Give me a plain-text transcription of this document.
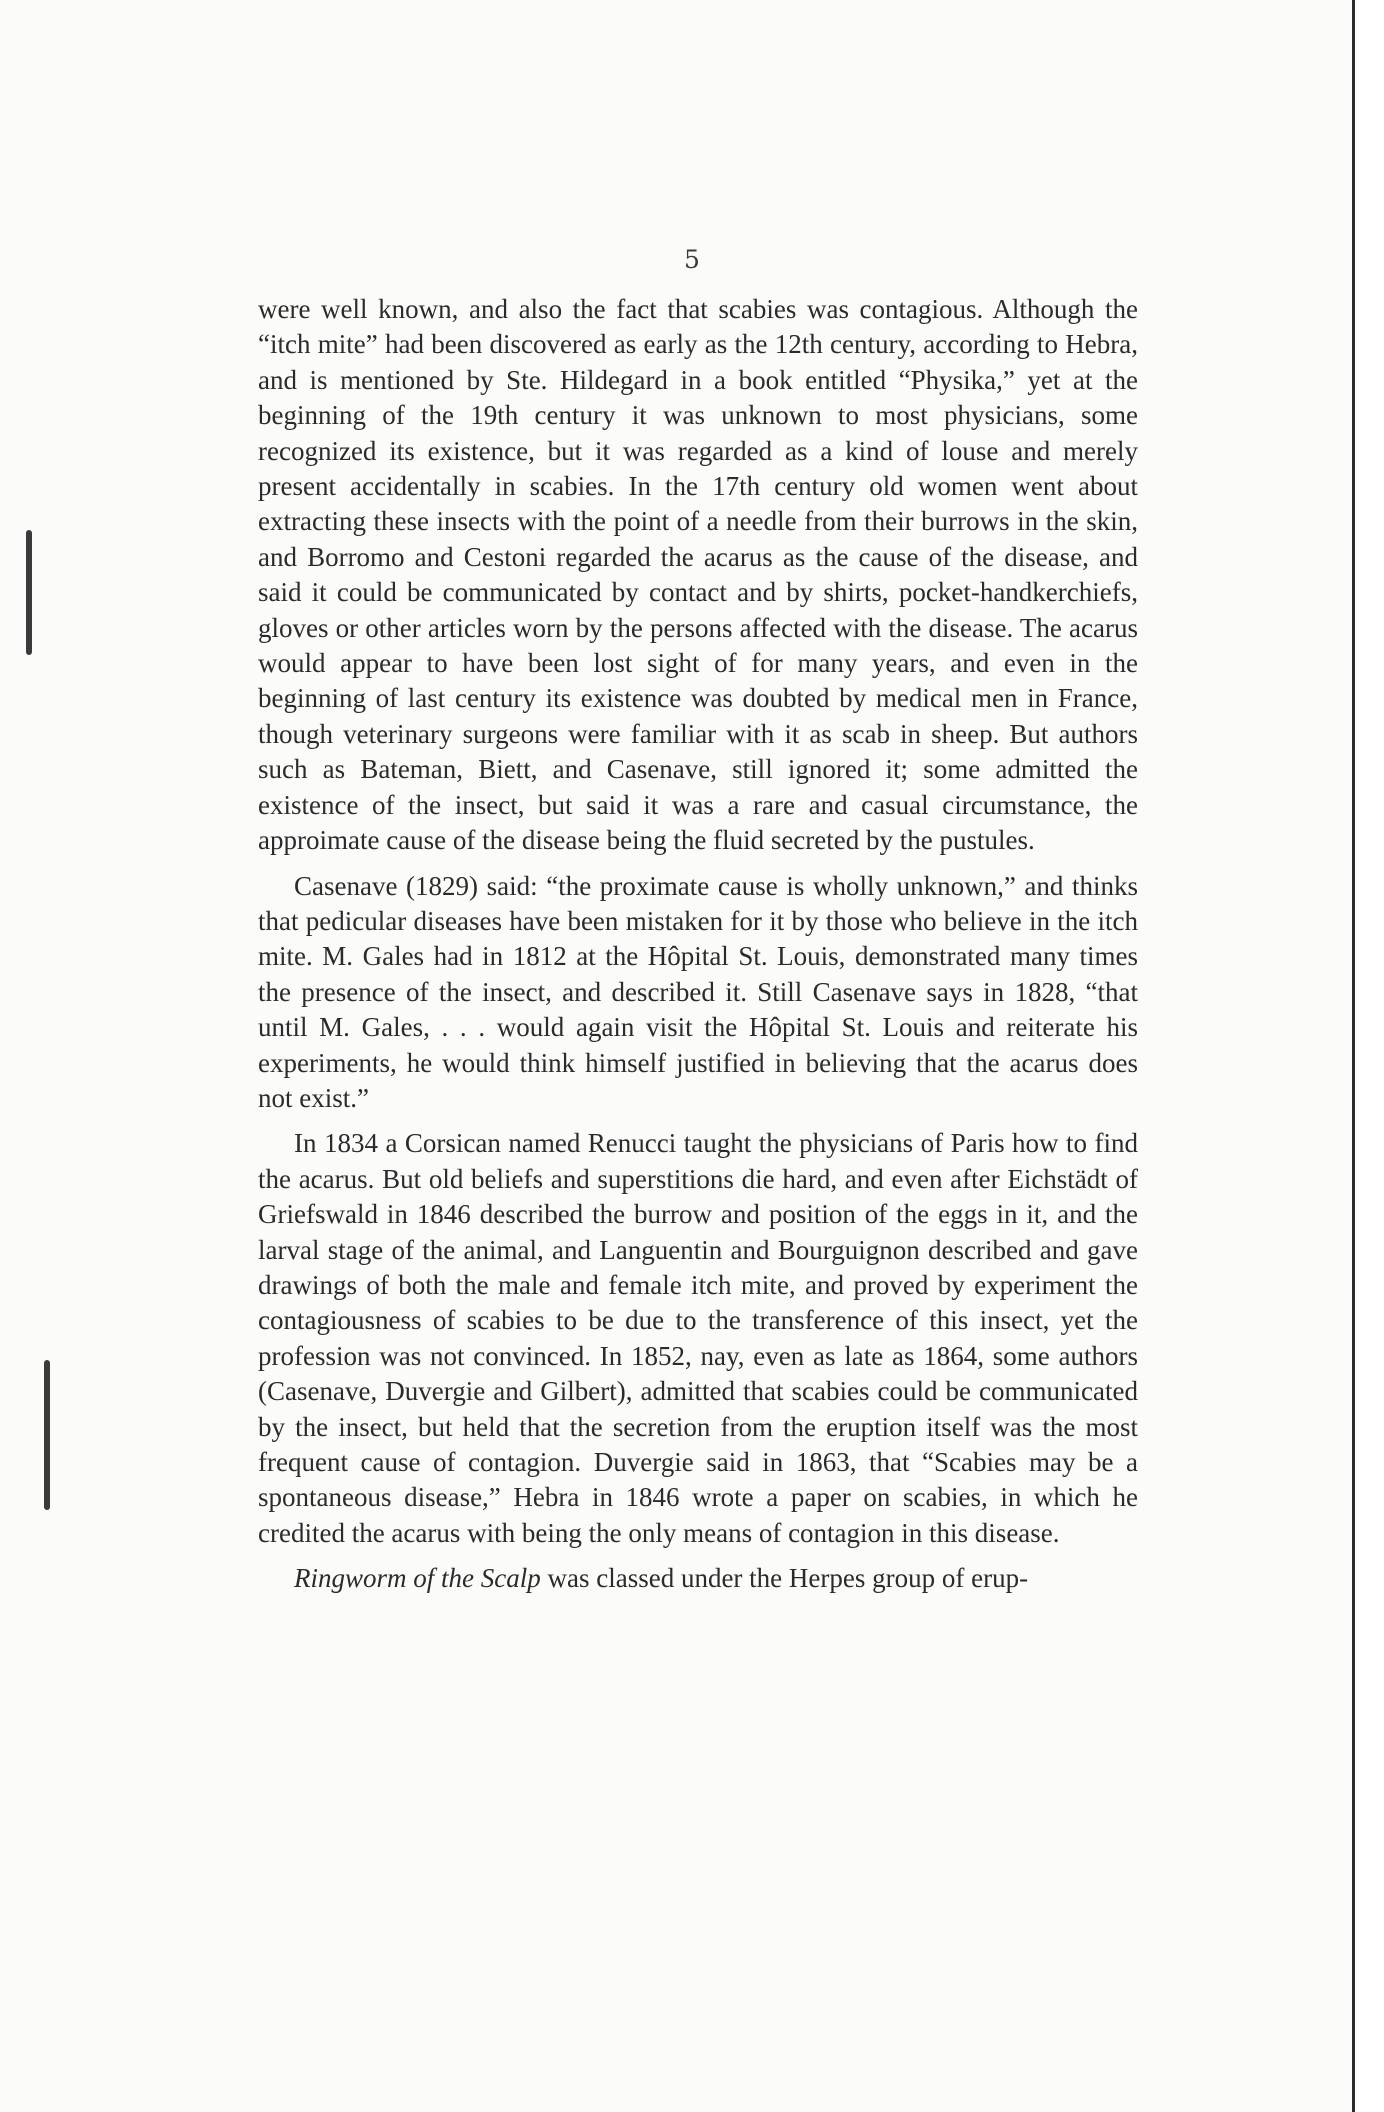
5

were well known, and also the fact that scabies was contagious. Although the “itch mite” had been discovered as early as the 12th century, according to Hebra, and is mentioned by Ste. Hildegard in a book entitled “Physika,” yet at the beginning of the 19th century it was unknown to most physicians, some recognized its existence, but it was regarded as a kind of louse and merely present accidentally in scabies. In the 17th century old women went about extracting these insects with the point of a needle from their burrows in the skin, and Borromo and Cestoni regarded the acarus as the cause of the disease, and said it could be communicated by contact and by shirts, pocket-handkerchiefs, gloves or other articles worn by the persons affected with the disease. The acarus would appear to have been lost sight of for many years, and even in the beginning of last century its existence was doubted by medical men in France, though veterinary surgeons were familiar with it as scab in sheep. But authors such as Bateman, Biett, and Casenave, still ignored it; some admitted the existence of the insect, but said it was a rare and casual circumstance, the approimate cause of the disease being the fluid secreted by the pustules.

Casenave (1829) said: “the proximate cause is wholly unknown,” and thinks that pedicular diseases have been mistaken for it by those who believe in the itch mite. M. Gales had in 1812 at the Hôpital St. Louis, demonstrated many times the presence of the insect, and described it. Still Casenave says in 1828, “that until M. Gales, . . . would again visit the Hôpital St. Louis and reiterate his experiments, he would think himself justified in believing that the acarus does not exist.”

In 1834 a Corsican named Renucci taught the physicians of Paris how to find the acarus. But old beliefs and superstitions die hard, and even after Eichstädt of Griefswald in 1846 described the burrow and position of the eggs in it, and the larval stage of the animal, and Languentin and Bourguignon described and gave drawings of both the male and female itch mite, and proved by experiment the contagiousness of scabies to be due to the transference of this insect, yet the profession was not convinced. In 1852, nay, even as late as 1864, some authors (Casenave, Duvergie and Gilbert), admitted that scabies could be communicated by the insect, but held that the secretion from the eruption itself was the most frequent cause of contagion. Duvergie said in 1863, that “Scabies may be a spontaneous disease,” Hebra in 1846 wrote a paper on scabies, in which he credited the acarus with being the only means of contagion in this disease.

Ringworm of the Scalp was classed under the Herpes group of erup-
